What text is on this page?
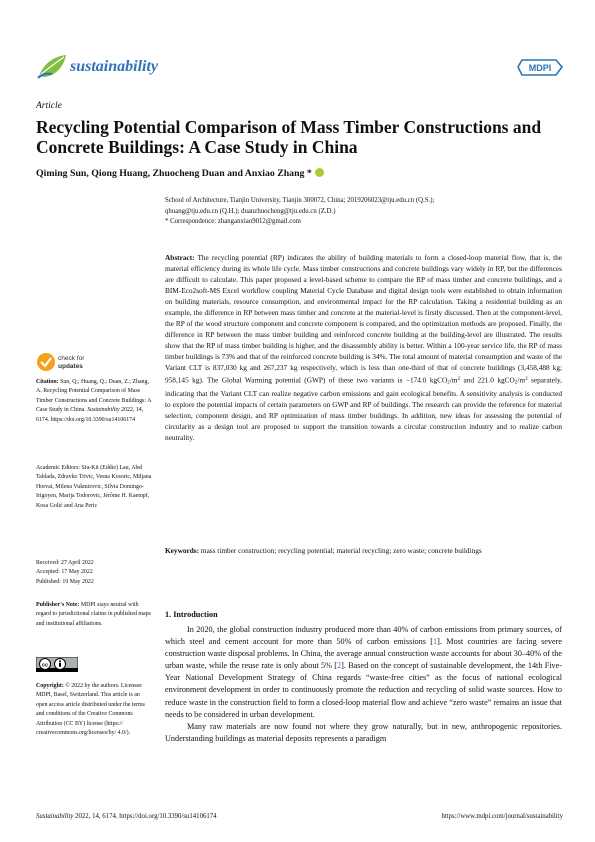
sustainability	MDPI
Article
Recycling Potential Comparison of Mass Timber Constructions and Concrete Buildings: A Case Study in China
Qiming Sun, Qiong Huang, Zhuocheng Duan and Anxiao Zhang *
School of Architecture, Tianjin University, Tianjin 300072, China; 2019206023@tju.edu.cn (Q.S.);
qhuang@tju.edu.cn (Q.H.); duanzhuocheng@tju.edu.cn (Z.D.)
* Correspondence: zhanganxiao9012@gmail.com
Abstract: The recycling potential (RP) indicates the ability of building materials to form a closed-loop material flow, that is, the material efficiency during its whole life cycle. Mass timber constructions and concrete buildings vary widely in RP, but the differences are difficult to calculate. This paper proposed a level-based scheme to compare the RP of mass timber and concrete buildings, and a BIM-Eco2soft-MS Excel workflow coupling Material Cycle Database and digital design tools were established to obtain information on building materials, resource consumption, and environmental impact for the RP calculation. Taking a residential building as an example, the difference in RP between mass timber and concrete at the material-level is firstly discussed. Then at the component-level, the RP of the wood structure component and concrete component is compared, and the optimization methods are proposed. Finally, the difference in RP between the mass timber building and reinforced concrete building at the building-level are illustrated. The results show that the RP of mass timber building is higher, and the disassembly ability is better. Within a 100-year service life, the RP of mass timber buildings is 73% and that of the reinforced concrete building is 34%. The total amount of material consumption and waste of the Variant CLT is 837,030 kg and 267,237 kg respectively, which is less than one-third of that of concrete buildings (3,458,488 kg; 958,145 kg). The Global Warming potential (GWP) of these two variants is −174.0 $kgCO_2/m^2$ and 221.0 $kgCO_2/m^2$ separately, indicating that the Variant CLT can realize negative carbon emissions and gain ecological benefits. A sensitivity analysis is conducted to explore the potential impacts of certain parameters on GWP and RP of buildings. The research can provide the reference for material selection, component design, and RP optimization of mass timber buildings. In addition, new ideas for assessing the potential of circularity as a design tool are proposed to support the transition towards a circular construction industry and to realize carbon neutrality.
Keywords: mass timber construction; recycling potential; material recycling; zero waste; concrete buildings
check for
updates
Citation: Sun, Q.; Huang, Q.; Duan, Z.; Zhang, A. Recycling Potential Comparison of Mass Timber Constructions and Concrete Buildings: A Case Study in China. Sustainability 2022, 14, 6174. https://doi.org/10.3390/su14106174
Academic Editors: Siu-Kit (Eddie) Lau, Abel Tablada, Zdravko Trivic, Vesna Kosoric, Miljana Horvat, Milena Vukmirovic, Silvia Domingo-Irigoyen, Marija Todorovic, Jérôme H. Kaempf, Kosa Golić and Ana Peric
Received: 27 April 2022
Accepted: 17 May 2022
Published: 19 May 2022
Publisher's Note: MDPI stays neutral with regard to jurisdictional claims in published maps and institutional affiliations.
cc
Copyright: © 2022 by the authors. Licensee MDPI, Basel, Switzerland. This article is an open access article distributed under the terms and conditions of the Creative Commons Attribution (CC BY) license (https:// creativecommons.org/licenses/by/ 4.0/).
1. Introduction
In 2020, the global construction industry produced more than 40% of carbon emissions from primary sources, of which steel and cement account for more than 50% of carbon emissions [1]. Most countries are facing severe construction waste disposal problems. In China, the average annual construction waste accounts for about 30–40% of the urban waste, while the reuse rate is only about 5% [2]. Based on the concept of sustainable development, the 14th Five-Year National Development Strategy of China regards “waste-free cities” as the focus of national ecological environment development in order to continuously promote the reduction and recycling of solid waste sources. How to reduce waste in the construction field to form a closed-loop material flow and achieve “zero waste” remains an issue that needs to be considered in urban development.
Many raw materials are now found not where they grow naturally, but in new, anthropogenic repositories. Understanding buildings as material deposits represents a paradigm
Sustainability 2022, 14, 6174. https://doi.org/10.3390/su14106174	https://www.mdpi.com/journal/sustainability
